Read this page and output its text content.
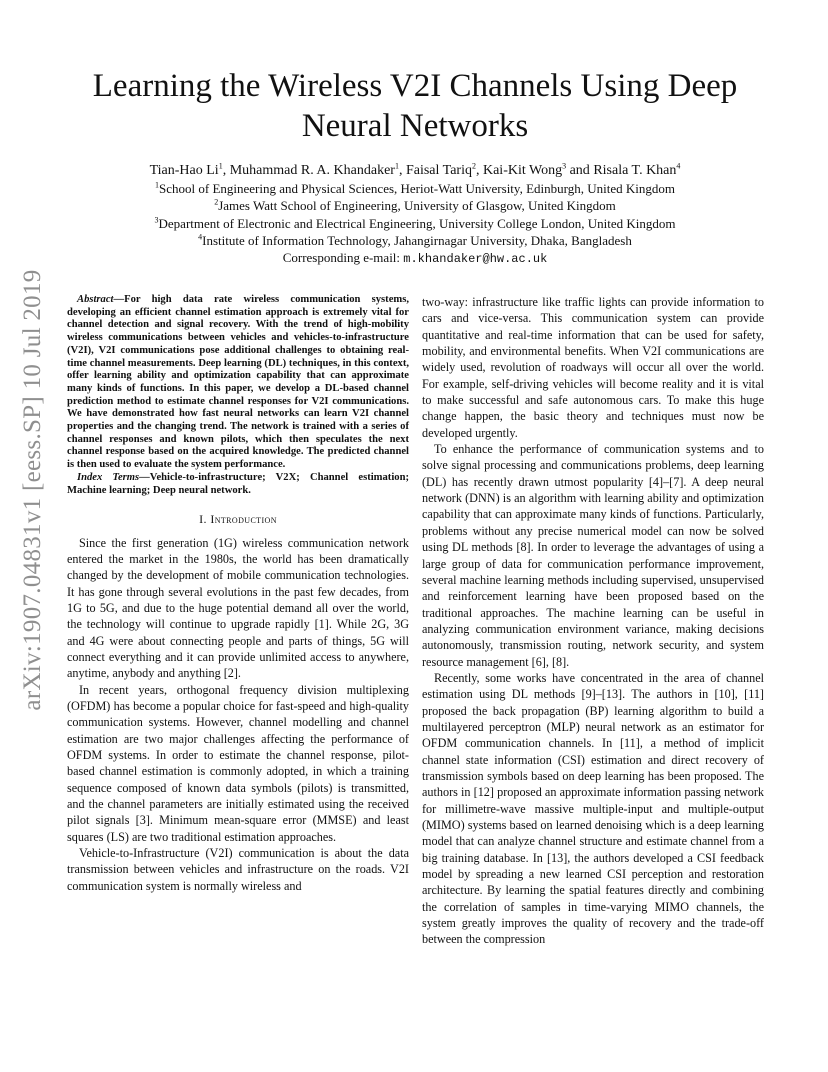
arXiv:1907.04831v1 [eess.SP] 10 Jul 2019
Learning the Wireless V2I Channels Using Deep Neural Networks
Tian-Hao Li$^1$, Muhammad R. A. Khandaker$^1$, Faisal Tariq$^2$, Kai-Kit Wong$^3$ and Risala T. Khan$^4$
$^1$School of Engineering and Physical Sciences, Heriot-Watt University, Edinburgh, United Kingdom
$^2$James Watt School of Engineering, University of Glasgow, United Kingdom
$^3$Department of Electronic and Electrical Engineering, University College London, United Kingdom
$^4$Institute of Information Technology, Jahangirnagar University, Dhaka, Bangladesh
Corresponding e-mail: m.khandaker@hw.ac.uk

Abstract—For high data rate wireless communication systems, developing an efficient channel estimation approach is extremely vital for channel detection and signal recovery. With the trend of high-mobility wireless communications between vehicles and vehicles-to-infrastructure (V2I), V2I communications pose additional challenges to obtaining real-time channel measurements. Deep learning (DL) techniques, in this context, offer learning ability and optimization capability that can approximate many kinds of functions. In this paper, we develop a DL-based channel prediction method to estimate channel responses for V2I communications. We have demonstrated how fast neural networks can learn V2I channel properties and the changing trend. The network is trained with a series of channel responses and known pilots, which then speculates the next channel response based on the acquired knowledge. The predicted channel is then used to evaluate the system performance.

Index Terms—Vehicle-to-infrastructure; V2X; Channel estimation; Machine learning; Deep neural network.

I. Introduction

Since the first generation (1G) wireless communication network entered the market in the 1980s, the world has been dramatically changed by the development of mobile communication technologies. It has gone through several evolutions in the past few decades, from 1G to 5G, and due to the huge potential demand all over the world, the technology will continue to upgrade rapidly [1]. While 2G, 3G and 4G were about connecting people and parts of things, 5G will connect everything and it can provide unlimited access to anywhere, anytime, anybody and anything [2].

In recent years, orthogonal frequency division multiplexing (OFDM) has become a popular choice for fast-speed and high-quality communication systems. However, channel modelling and channel estimation are two major challenges affecting the performance of OFDM systems. In order to estimate the channel response, pilot-based channel estimation is commonly adopted, in which a training sequence composed of known data symbols (pilots) is transmitted, and the channel parameters are initially estimated using the received pilot signals [3]. Minimum mean-square error (MMSE) and least squares (LS) are two traditional estimation approaches.

Vehicle-to-Infrastructure (V2I) communication is about the data transmission between vehicles and infrastructure on the roads. V2I communication system is normally wireless and

two-way: infrastructure like traffic lights can provide information to cars and vice-versa. This communication system can provide quantitative and real-time information that can be used for safety, mobility, and environmental benefits. When V2I communications are widely used, revolution of roadways will occur all over the world. For example, self-driving vehicles will become reality and it is vital to make successful and safe autonomous cars. To make this huge change happen, the basic theory and techniques must now be developed urgently.

To enhance the performance of communication systems and to solve signal processing and communications problems, deep learning (DL) has recently drawn utmost popularity [4]–[7]. A deep neural network (DNN) is an algorithm with learning ability and optimization capability that can approximate many kinds of functions. Particularly, problems without any precise numerical model can now be solved using DL methods [8]. In order to leverage the advantages of using a large group of data for communication performance improvement, several machine learning methods including supervised, unsupervised and reinforcement learning have been proposed based on the traditional approaches. The machine learning can be useful in analyzing communication environment variance, making decisions autonomously, transmission routing, network security, and system resource management [6], [8].

Recently, some works have concentrated in the area of channel estimation using DL methods [9]–[13]. The authors in [10], [11] proposed the back propagation (BP) learning algorithm to build a multilayered perceptron (MLP) neural network as an estimator for OFDM communication channels. In [11], a method of implicit channel state information (CSI) estimation and direct recovery of transmission symbols based on deep learning has been proposed. The authors in [12] proposed an approximate information passing network for millimetre-wave massive multiple-input and multiple-output (MIMO) systems based on learned denoising which is a deep learning model that can analyze channel structure and estimate channel from a big training database. In [13], the authors developed a CSI feedback model by spreading a new learned CSI perception and restoration architecture. By learning the spatial features directly and combining the correlation of samples in time-varying MIMO channels, the system greatly improves the quality of recovery and the trade-off between the compression
